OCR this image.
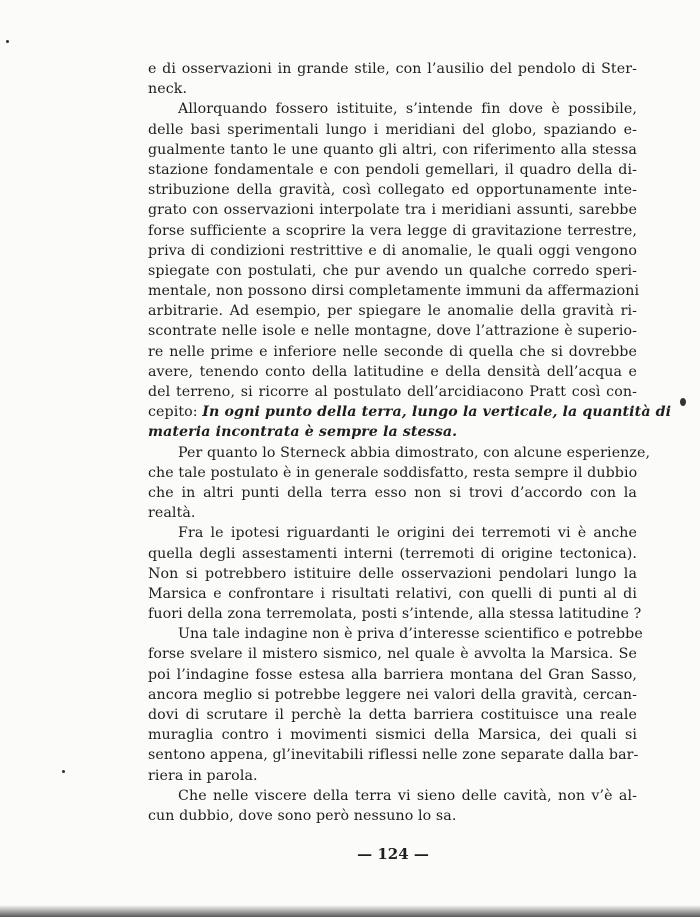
e di osservazioni in grande stile, con l’ausilio del pendolo di Ster-
neck.
Allorquando fossero istituite, s’intende fin dove è possibile,
delle basi sperimentali lungo i meridiani del globo, spaziando e-
gualmente tanto le une quanto gli altri, con riferimento alla stessa
stazione fondamentale e con pendoli gemellari, il quadro della di-
stribuzione della gravità, così collegato ed opportunamente inte-
grato con osservazioni interpolate tra i meridiani assunti, sarebbe
forse sufficiente a scoprire la vera legge di gravitazione terrestre,
priva di condizioni restrittive e di anomalie, le quali oggi vengono
spiegate con postulati, che pur avendo un qualche corredo speri-
mentale, non possono dirsi completamente immuni da affermazioni
arbitrarie. Ad esempio, per spiegare le anomalie della gravità ri-
scontrate nelle isole e nelle montagne, dove l’attrazione è superio-
re nelle prime e inferiore nelle seconde di quella che si dovrebbe
avere, tenendo conto della latitudine e della densità dell’acqua e
del terreno, si ricorre al postulato dell’arcidiacono Pratt così con-
cepito: In ogni punto della terra, lungo la verticale, la quantità di
materia incontrata è sempre la stessa.
Per quanto lo Sterneck abbia dimostrato, con alcune esperienze,
che tale postulato è in generale soddisfatto, resta sempre il dubbio
che in altri punti della terra esso non si trovi d’accordo con la
realtà.
Fra le ipotesi riguardanti le origini dei terremoti vi è anche
quella degli assestamenti interni (terremoti di origine tectonica).
Non si potrebbero istituire delle osservazioni pendolari lungo la
Marsica e confrontare i risultati relativi, con quelli di punti al di
fuori della zona terremolata, posti s’intende, alla stessa latitudine ?
Una tale indagine non è priva d’interesse scientifico e potrebbe
forse svelare il mistero sismico, nel quale è avvolta la Marsica. Se
poi l’indagine fosse estesa alla barriera montana del Gran Sasso,
ancora meglio si potrebbe leggere nei valori della gravità, cercan-
dovi di scrutare il perchè la detta barriera costituisce una reale
muraglia contro i movimenti sismici della Marsica, dei quali si
sentono appena, gl’inevitabili riflessi nelle zone separate dalla bar-
riera in parola.
Che nelle viscere della terra vi sieno delle cavità, non v’è al-
cun dubbio, dove sono però nessuno lo sa.
— 124 —
